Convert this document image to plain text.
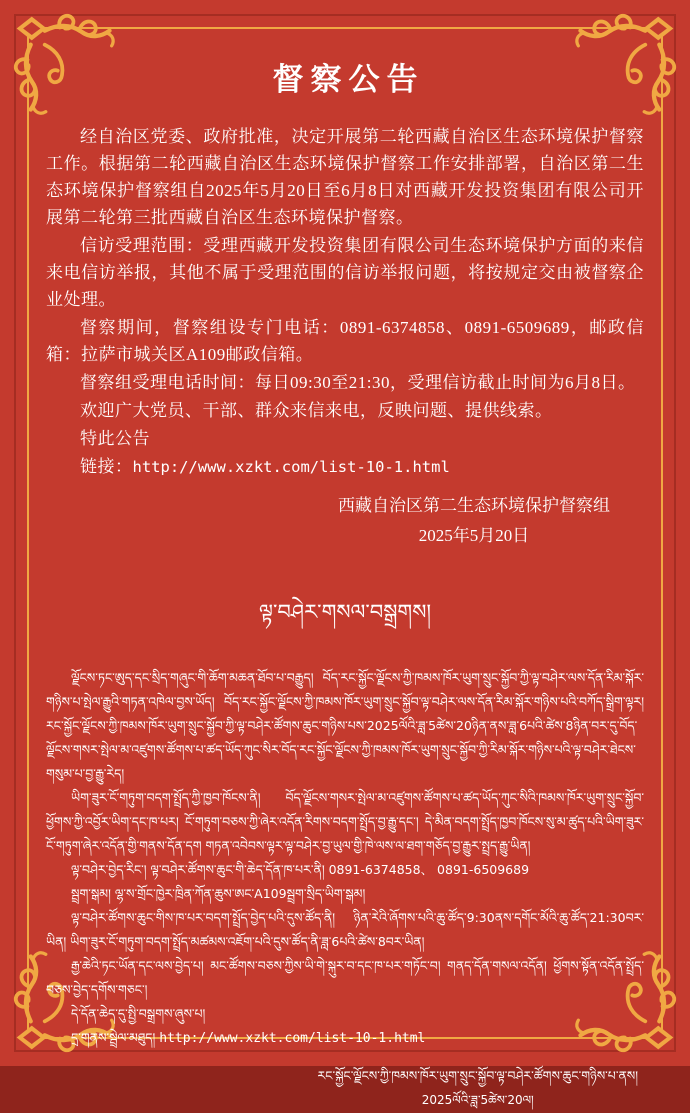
督察公告

经自治区党委、政府批准，决定开展第二轮西藏自治区生态环境保护督察工作。根据第二轮西藏自治区生态环境保护督察工作安排部署，自治区第二生态环境保护督察组自2025年5月20日至6月8日对西藏开发投资集团有限公司开展第二轮第三批西藏自治区生态环境保护督察。

信访受理范围：受理西藏开发投资集团有限公司生态环境保护方面的来信来电信访举报，其他不属于受理范围的信访举报问题，将按规定交由被督察企业处理。

督察期间，督察组设专门电话：0891-6374858、0891-6509689，邮政信箱：拉萨市城关区A109邮政信箱。

督察组受理电话时间：每日09:30至21:30，受理信访截止时间为6月8日。

欢迎广大党员、干部、群众来信来电，反映问题、提供线索。

特此公告

链接：http://www.xzkt.com/list-10-1.html

西藏自治区第二生态环境保护督察组
2025年5月20日
ལྟ་བཤེར་གསལ་བསྒྲགས།

ལྗོངས་ཏང་ཨུད་དང་སྲིད་གཞུང་གི་ཆོག་མཆན་ཐོབ་པ་བརྒྱུད། བོད་རང་སྐྱོང་ལྗོངས་ཀྱི་ཁམས་ཁོར་ཡུག་སྲུང་སྐྱོབ་ཀྱི་ལྟ་བཤེར་ལས་དོན་རིམ་སྐོར་གཉིས་པ་སྤེལ་རྒྱུའི་གཏན་འཁེལ་བྱས་ཡོད། བོད་རང་སྐྱོང་ལྗོངས་ཀྱི་ཁམས་ཁོར་ཡུག་སྲུང་སྐྱོབ་ལྟ་བཤེར་ལས་དོན་རིམ་སྐོར་གཉིས་པའི་བཀོད་སྒྲིག་ལྟར། རང་སྐྱོང་ལྗོངས་ཀྱི་ཁམས་ཁོར་ཡུག་སྲུང་སྐྱོབ་ཀྱི་ལྟ་བཤེར་ཚོགས་ཆུང་གཉིས་པས་2025ལོའི་ཟླ་5ཚེས་20ཉིན་ནས་ཟླ་6པའི་ཚེས་8ཉིན་བར་དུ་བོད་ལྗོངས་གསར་སྤེལ་མ་འཛུགས་ཚོགས་པ་ཚད་ཡོད་ཀུང་སིར་བོད་རང་སྐྱོང་ལྗོངས་ཀྱི་ཁམས་ཁོར་ཡུག་སྲུང་སྐྱོབ་ཀྱི་རིམ་སྐོར་གཉིས་པའི་ལྟ་བཤེར་ཐེངས་གསུམ་པ་བྱ་རྒྱུ་རེད།

ཡིག་ཟུར་ངོ་གཏུག་བདག་སྤྲོད་ཀྱི་ཁྱབ་ཁོངས་ནི། བོད་ལྗོངས་གསར་སྤེལ་མ་འཛུགས་ཚོགས་པ་ཚད་ཡོད་ཀུང་སིའི་ཁམས་ཁོར་ཡུག་སྲུང་སྐྱོབ་ཕྱོགས་ཀྱི་འབྱོར་ཡིག་དང་ཁ་པར། ངོ་གཏུག་བཅས་ཀྱི་ཞེར་འདོན་རིགས་བདག་སྤྲོད་བྱ་རྒྱུ་དང་། དེ་མིན་བདག་སྤྲོད་ཁྱབ་ཁོངས་སུ་མ་ཚུད་པའི་ཡིག་ཟུར་ངོ་གཏུག་ཞེར་འདོན་གྱི་གནས་དོན་དག གཏན་འབེབས་ལྟར་ལྟ་བཤེར་བྱ་ཡུལ་གྱི་ཁེ་ལས་ལ་ཐག་གཅོད་བྱ་རྒྱུར་སྤྲད་རྒྱུ་ཡིན།

ལྟ་བཤེར་བྱེད་རིང་། ལྟ་བཤེར་ཚོགས་ཆུང་གི་ཆེད་དོན་ཁ་པར་ནི། 0891-6374858、 0891-6509689

སྦྲག་སྒམ། ལྷ་ས་གྲོང་ཁྱེར་ཁྲིན་ཀོན་ཆུས་ཨང་A109སྦྲག་སྲིད་ཡིག་སྒམ།

ལྟ་བཤེར་ཚོགས་ཆུང་གིས་ཁ་པར་བདག་སྤྲོད་བྱེད་པའི་དུས་ཚོད་ནི། ཉིན་རེའི་ཞོགས་པའི་ཆུ་ཚོད་9:30ནས་དགོང་མོའི་ཆུ་ཚོད་21:30བར་ཡིན། ཡིག་ཟུར་ངོ་གཏུག་བདག་སྤྲོད་མཚམས་འཇོག་པའི་དུས་ཚོད་ནི་ཟླ་6པའི་ཚེས་8བར་ཡིན།

རྒྱ་ཆེའི་ཏང་ཡོན་དང་ལས་བྱེད་པ། མང་ཚོགས་བཅས་ཀྱིས་ཡི་གེ་སྐུར་བ་དང་ཁ་པར་གཏོང་བ། གནད་དོན་གསལ་འདོན། ཕྱོགས་སྟོན་འདོན་སྤྲོད་བཅས་བྱེད་དགོས་གཅང་།

དེ་དོན་ཆེད་དུ་སྤྱི་བསྒྲགས་ཞུས་པ།

དྲ་གནས་སྦྲེལ་མཐུད། http://www.xzkt.com/list-10-1.html

རང་སྐྱོང་ལྗོངས་ཀྱི་ཁམས་ཁོར་ཡུག་སྲུང་སྐྱོབ་ལྟ་བཤེར་ཚོགས་ཆུང་གཉིས་པ་ནས།
2025ལོའི་ཟླ་5ཚེས་20ལ།
